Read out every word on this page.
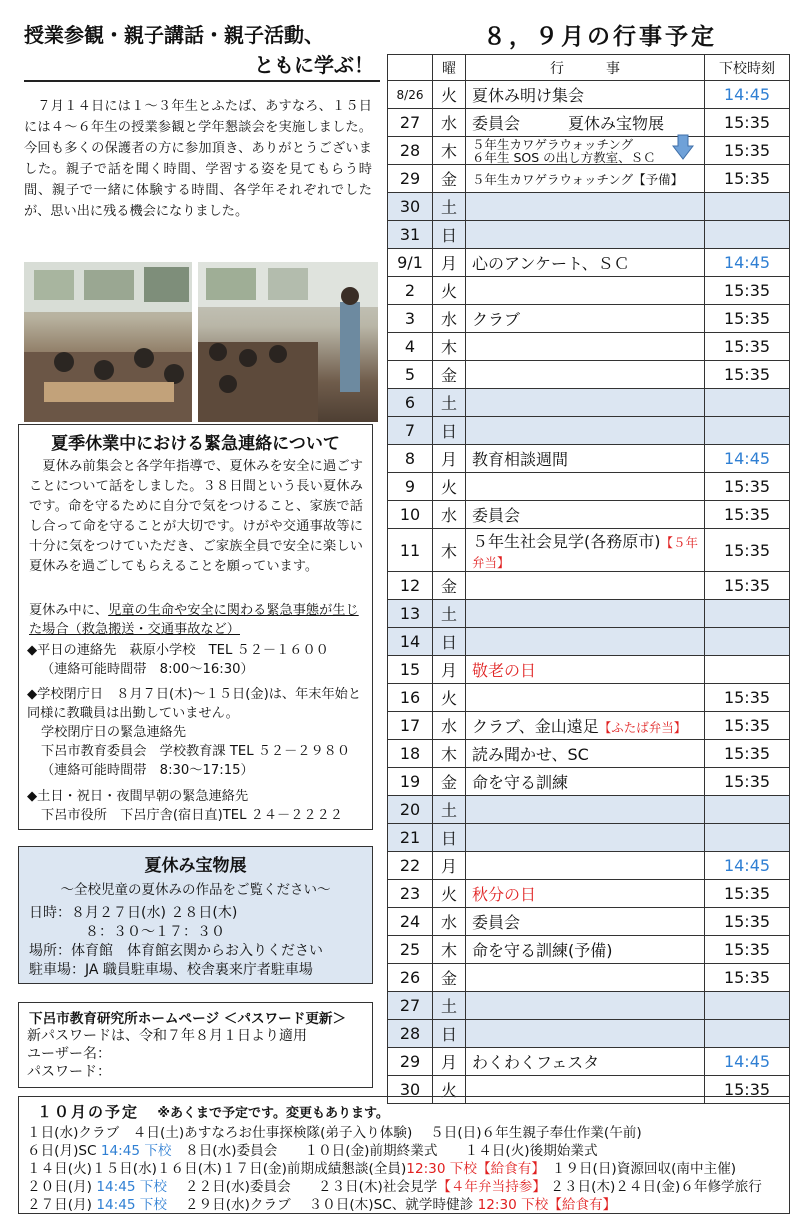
授業参観・親子講話・親子活動、
ともに学ぶ！
　７月１４日には１～３年生とふたば、あすなろ、１５日には４～６年生の授業参観と学年懇談会を実施しました。今回も多くの保護者の方に参加頂き、ありがとうございました。親子で話を聞く時間、学習する姿を見てもらう時間、親子で一緒に体験する時間、各学年それぞれでしたが、思い出に残る機会になりました。
夏季休業中における緊急連絡について
　夏休み前集会と各学年指導で、夏休みを安全に過ごすことについて話をしました。３８日間という長い夏休みです。命を守るために自分で気をつけること、家族で話し合って命を守ることが大切です。けがや交通事故等に十分に気をつけていただき、ご家族全員で安全に楽しい夏休みを過ごしてもらえることを願っています。
夏休み中に、児童の生命や安全に関わる緊急事態が生じた場合（救急搬送・交通事故など）
◆平日の連絡先　萩原小学校　TEL ５２－１６００
（連絡可能時間帯　8:00～16:30）
◆学校閉庁日　８月７日(木)～１５日(金)は、年末年始と同様に教職員は出勤していません。
学校閉庁日の緊急連絡先
下呂市教育委員会　学校教育課 TEL ５２－２９８０
（連絡可能時間帯　8:30～17:15）
◆土日・祝日・夜間早朝の緊急連絡先
下呂市役所　下呂庁舎(宿日直)TEL ２４－２２２２
夏休み宝物展
～全校児童の夏休みの作品をご覧ください～
日時：８月２７日(水) ２８日(木)
８：３０～１７：３０
場所：体育館　体育館玄関からお入りください
駐車場：JA 職員駐車場、校舎裏来庁者駐車場
下呂市教育研究所ホームページ ＜パスワード更新＞
新パスワードは、令和７年８月１日より適用
ユーザー名：
パスワード：
８，９月の行事予定
	曜	行　　　事	下校時刻
8/26	火	夏休み明け集会	14:45
27	水	委員会　　　夏休み宝物展	15:35
28	木	５年生カワゲラウォッチング
６年生 SOS の出し方教室、ＳＣ	15:35
29	金	５年生カワゲラウォッチング【予備】	15:35
30	土		
31	日		
9/1	月	心のアンケート、ＳＣ	14:45
2	火		15:35
3	水	クラブ	15:35
4	木		15:35
5	金		15:35
6	土		
7	日		
8	月	教育相談週間	14:45
9	火		15:35
10	水	委員会	15:35
11	木	５年生社会見学(各務原市)【５年弁当】	15:35
12	金		15:35
13	土		
14	日		
15	月	敬老の日	
16	火		15:35
17	水	クラブ、金山遠足【ふたば弁当】	15:35
18	木	読み聞かせ、SC	15:35
19	金	命を守る訓練	15:35
20	土		
21	日		
22	月		14:45
23	火	秋分の日	15:35
24	水	委員会	15:35
25	木	命を守る訓練(予備)	15:35
26	金		15:35
27	土		
28	日		
29	月	わくわくフェスタ	14:45
30	火		15:35
１０月の予定 ※あくまで予定です。変更もあります。
１日(水)クラブ　４日(土)あすなろお仕事探検隊(弟子入り体験)　 ５日(日)６年生親子奉仕作業(午前)
６日(月)SC 14:45 下校　８日(水)委員会　　１０日(金)前期終業式　　１４日(火)後期始業式
１４日(火)１５日(水)１６日(木)１７日(金)前期成績懇談(全員)12:30 下校【給食有】　１９日(日)資源回収(南中主催)
２０日(月) 14:45 下校　 ２２日(水)委員会　　２３日(木)社会見学【４年弁当持参】 ２３日(木)２４日(金)６年修学旅行
２７日(月) 14:45 下校　 ２９日(水)クラブ　 ３０日(木)SC、就学時健診 12:30 下校【給食有】
